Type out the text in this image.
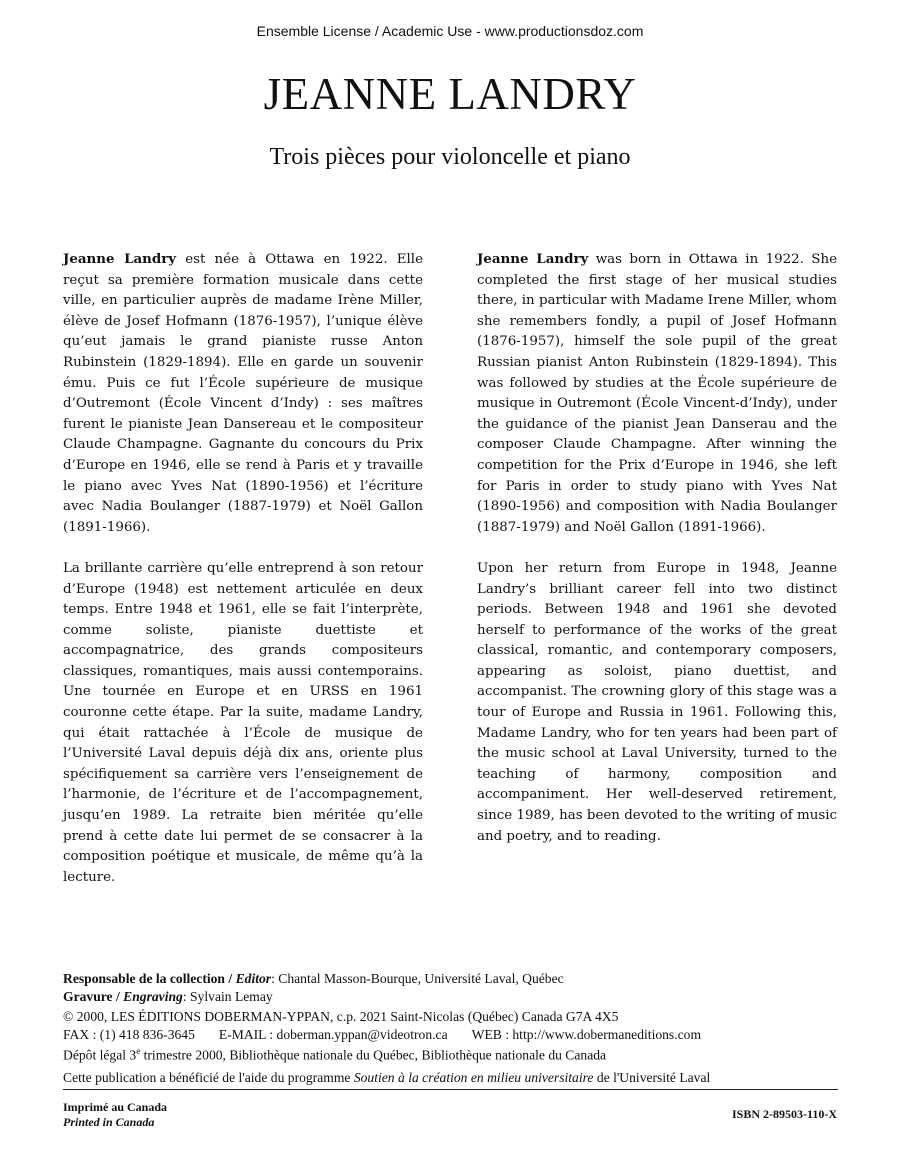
Ensemble License / Academic Use - www.productionsdoz.com
JEANNE LANDRY
Trois pièces pour violoncelle et piano

Jeanne Landry est née à Ottawa en 1922. Elle reçut sa première formation musicale dans cette ville, en particulier auprès de madame Irène Miller, élève de Josef Hofmann (1876-1957), l’unique élève qu’eut jamais le grand pianiste russe Anton Rubinstein (1829-1894). Elle en garde un souvenir ému. Puis ce fut l’École supérieure de musique d’Outremont (École Vincent d’Indy) : ses maîtres furent le pianiste Jean Dansereau et le compositeur Claude Champagne. Gagnante du concours du Prix d’Europe en 1946, elle se rend à Paris et y travaille le piano avec Yves Nat (1890-1956) et l’écriture avec Nadia Boulanger (1887-1979) et Noël Gallon (1891-1966).

La brillante carrière qu’elle entreprend à son retour d’Europe (1948) est nettement articulée en deux temps. Entre 1948 et 1961, elle se fait l’interprète, comme soliste, pianiste duettiste et accompagnatrice, des grands compositeurs classiques, romantiques, mais aussi contemporains. Une tournée en Europe et en URSS en 1961 couronne cette étape. Par la suite, madame Landry, qui était rattachée à l’École de musique de l’Université Laval depuis déjà dix ans, oriente plus spécifiquement sa carrière vers l’enseignement de l’harmonie, de l’écriture et de l’accompagnement, jusqu’en 1989. La retraite bien méritée qu’elle prend à cette date lui permet de se consacrer à la composition poétique et musicale, de même qu’à la lecture.

Jeanne Landry was born in Ottawa in 1922. She completed the first stage of her musical studies there, in particular with Madame Irene Miller, whom she remembers fondly, a pupil of Josef Hofmann (1876-1957), himself the sole pupil of the great Russian pianist Anton Rubinstein (1829-1894). This was followed by studies at the École supérieure de musique in Outremont (École Vincent-d’Indy), under the guidance of the pianist Jean Danserau and the composer Claude Champagne. After winning the competition for the Prix d’Europe in 1946, she left for Paris in order to study piano with Yves Nat (1890-1956) and composition with Nadia Boulanger (1887-1979) and Noël Gallon (1891-1966).

Upon her return from Europe in 1948, Jeanne Landry’s brilliant career fell into two distinct periods. Between 1948 and 1961 she devoted herself to performance of the works of the great classical, romantic, and contemporary composers, appearing as soloist, piano duettist, and accompanist. The crowning glory of this stage was a tour of Europe and Russia in 1961. Following this, Madame Landry, who for ten years had been part of the music school at Laval University, turned to the teaching of harmony, composition and accompaniment. Her well-deserved retirement, since 1989, has been devoted to the writing of music and poetry, and to reading.

Responsable de la collection / Editor: Chantal Masson-Bourque, Université Laval, Québec
Gravure / Engraving: Sylvain Lemay
© 2000, LES ÉDITIONS DOBERMAN-YPPAN, c.p. 2021 Saint-Nicolas (Québec) Canada G7A 4X5
FAX : (1) 418 836-3645 E-MAIL : doberman.yppan@videotron.ca WEB : http://www.dobermaneditions.com
Dépôt légal 3e trimestre 2000, Bibliothèque nationale du Québec, Bibliothèque nationale du Canada
Cette publication a bénéficié de l'aide du programme Soutien à la création en milieu universitaire de l'Université Laval
Imprimé au Canada
Printed in Canada
ISBN 2-89503-110-X
